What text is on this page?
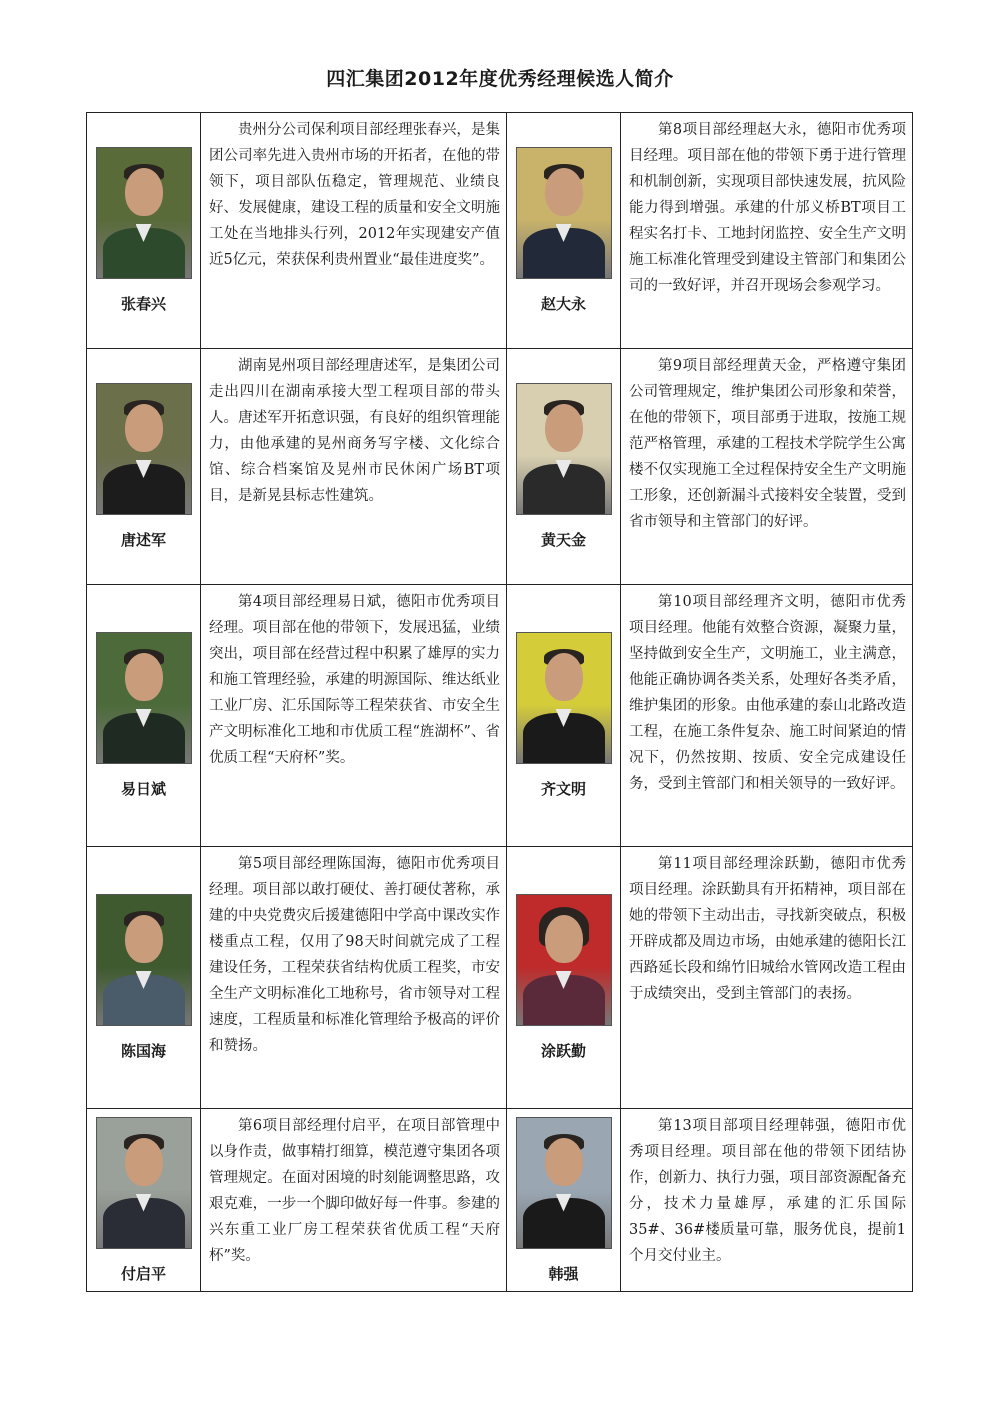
四汇集团2012年度优秀经理候选人简介
张春兴	贵州分公司保利项目部经理张春兴，是集团公司率先进入贵州市场的开拓者，在他的带领下，项目部队伍稳定，管理规范、业绩良好、发展健康，建设工程的质量和安全文明施工处在当地排头行列，2012年实现建安产值近5亿元，荣获保利贵州置业“最佳进度奖”。	赵大永	第8项目部经理赵大永，德阳市优秀项目经理。项目部在他的带领下勇于进行管理和机制创新，实现项目部快速发展，抗风险能力得到增强。承建的什邡义桥BT项目工程实名打卡、工地封闭监控、安全生产文明施工标准化管理受到建设主管部门和集团公司的一致好评，并召开现场会参观学习。

唐述军	湖南晃州项目部经理唐述军，是集团公司走出四川在湖南承接大型工程项目部的带头人。唐述军开拓意识强，有良好的组织管理能力，由他承建的晃州商务写字楼、文化综合馆、综合档案馆及晃州市民休闲广场BT项目，是新晃县标志性建筑。	黄天金	第9项目部经理黄天金，严格遵守集团公司管理规定，维护集团公司形象和荣誉，在他的带领下，项目部勇于进取，按施工规范严格管理，承建的工程技术学院学生公寓楼不仅实现施工全过程保持安全生产文明施工形象，还创新漏斗式接料安全装置，受到省市领导和主管部门的好评。

易日斌	第4项目部经理易日斌，德阳市优秀项目经理。项目部在他的带领下，发展迅猛，业绩突出，项目部在经营过程中积累了雄厚的实力和施工管理经验，承建的明源国际、维达纸业工业厂房、汇乐国际等工程荣获省、市安全生产文明标准化工地和市优质工程“旌湖杯”、省优质工程“天府杯”奖。	齐文明	第10项目部经理齐文明，德阳市优秀项目经理。他能有效整合资源，凝聚力量，坚持做到安全生产，文明施工，业主满意，他能正确协调各类关系，处理好各类矛盾，维护集团的形象。由他承建的泰山北路改造工程，在施工条件复杂、施工时间紧迫的情况下，仍然按期、按质、安全完成建设任务，受到主管部门和相关领导的一致好评。

陈国海	第5项目部经理陈国海，德阳市优秀项目经理。项目部以敢打硬仗、善打硬仗著称，承建的中央党费灾后援建德阳中学高中课改实作楼重点工程，仅用了98天时间就完成了工程建设任务，工程荣获省结构优质工程奖，市安全生产文明标准化工地称号，省市领导对工程速度，工程质量和标准化管理给予极高的评价和赞扬。	涂跃勤	第11项目部经理涂跃勤，德阳市优秀项目经理。涂跃勤具有开拓精神，项目部在她的带领下主动出击，寻找新突破点，积极开辟成都及周边市场，由她承建的德阳长江西路延长段和绵竹旧城给水管网改造工程由于成绩突出，受到主管部门的表扬。

付启平	第6项目部经理付启平，在项目部管理中以身作责，做事精打细算，模范遵守集团各项管理规定。在面对困境的时刻能调整思路，攻艰克难，一步一个脚印做好每一件事。参建的兴东重工业厂房工程荣获省优质工程“天府杯”奖。	韩强	第13项目部项目经理韩强，德阳市优秀项目经理。项目部在他的带领下团结协作，创新力、执行力强，项目部资源配备充分，技术力量雄厚，承建的汇乐国际35#、36#楼质量可靠，服务优良，提前1个月交付业主。
